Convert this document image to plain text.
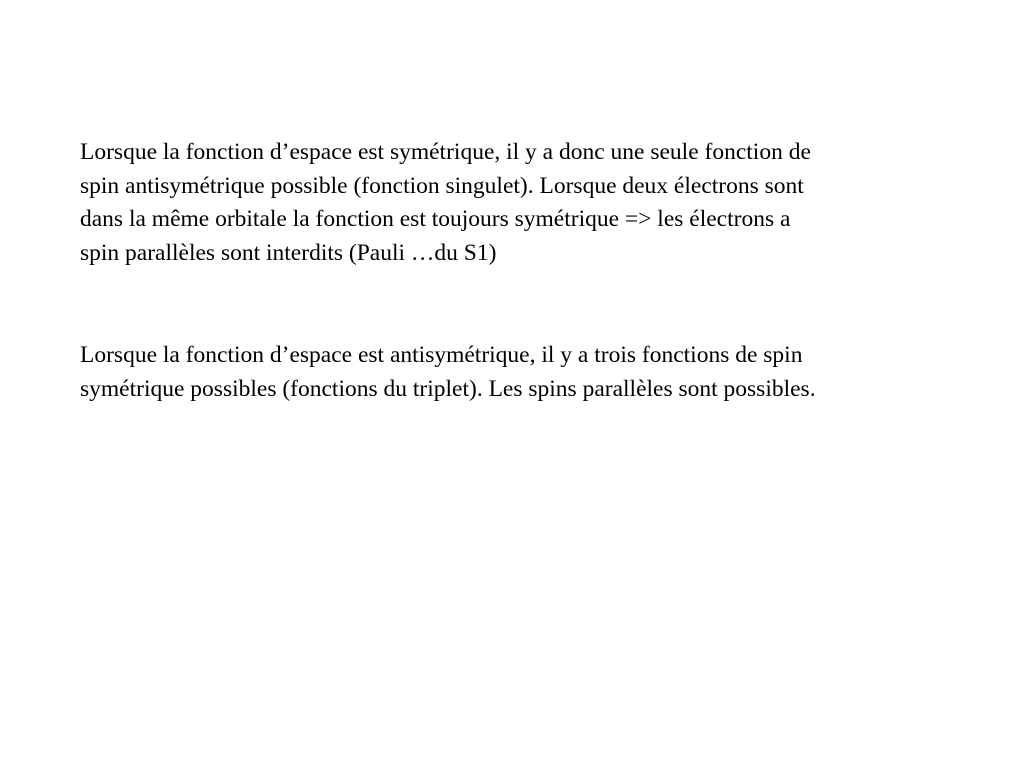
Lorsque la fonction d’espace est symétrique, il y a donc une seule fonction de
spin antisymétrique possible (fonction singulet). Lorsque deux électrons sont
dans la même orbitale la fonction est toujours symétrique => les électrons a
spin parallèles sont interdits (Pauli …du S1)

Lorsque la fonction d’espace est antisymétrique, il y a trois fonctions de spin
symétrique possibles (fonctions du triplet). Les spins parallèles sont possibles.
